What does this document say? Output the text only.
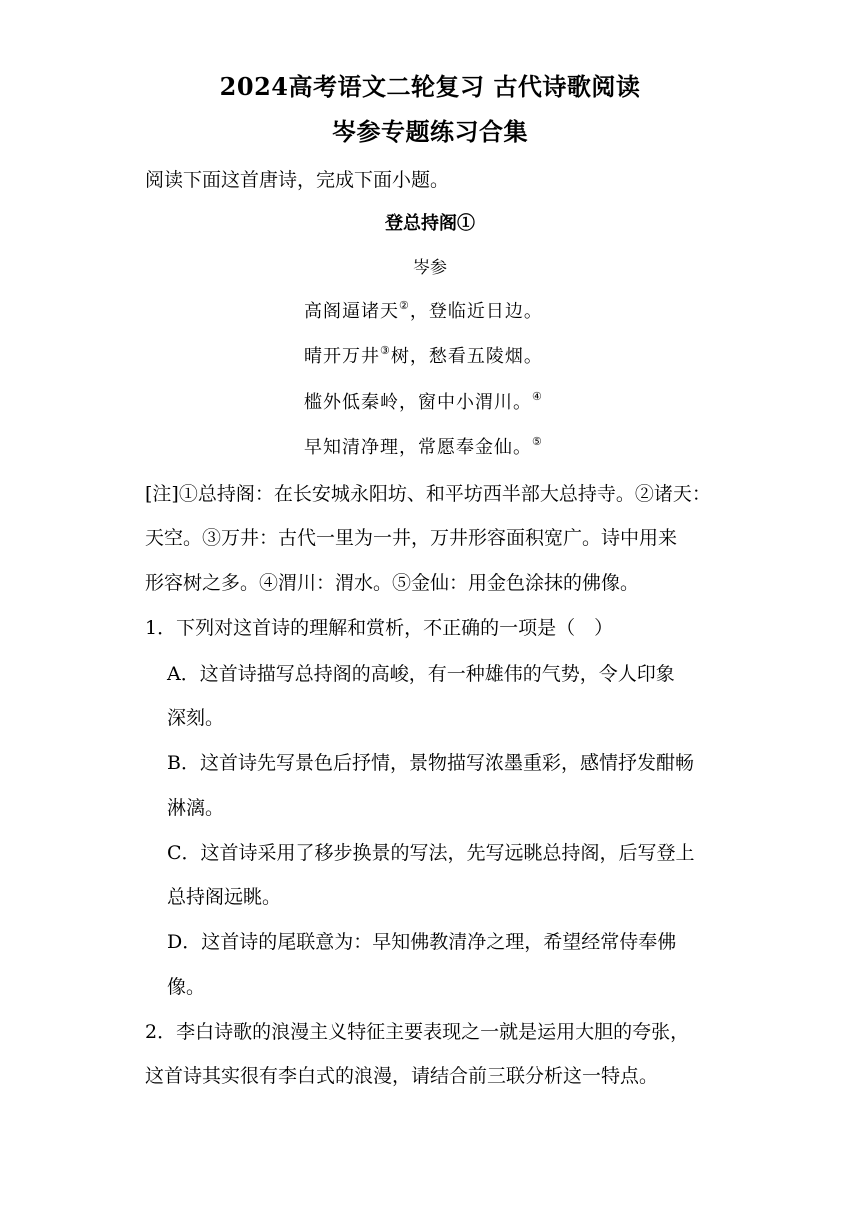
2024高考语文二轮复习 古代诗歌阅读
岑参专题练习合集
阅读下面这首唐诗，完成下面小题。
登总持阁①
岑参
高阁逼诸天②，登临近日边。
晴开万井③树，愁看五陵烟。
槛外低秦岭，窗中小渭川。④
早知清净理，常愿奉金仙。⑤
[注]①总持阁：在长安城永阳坊、和平坊西半部大总持寺。②诸天：
天空。③万井：古代一里为一井，万井形容面积宽广。诗中用来
形容树之多。④渭川：渭水。⑤金仙：用金色涂抹的佛像。
1．下列对这首诗的理解和赏析，不正确的一项是（　）
A．这首诗描写总持阁的高峻，有一种雄伟的气势，令人印象
深刻。
B．这首诗先写景色后抒情，景物描写浓墨重彩，感情抒发酣畅
淋漓。
C．这首诗采用了移步换景的写法，先写远眺总持阁，后写登上
总持阁远眺。
D．这首诗的尾联意为：早知佛教清净之理，希望经常侍奉佛
像。
2．李白诗歌的浪漫主义特征主要表现之一就是运用大胆的夸张，
这首诗其实很有李白式的浪漫，请结合前三联分析这一特点。
